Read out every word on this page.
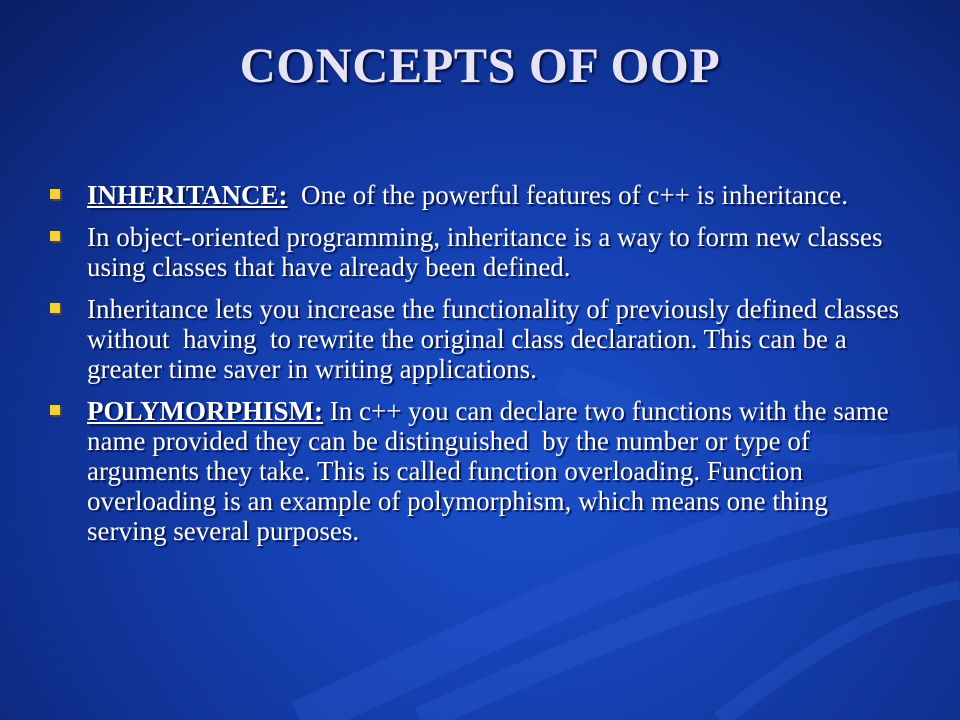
CONCEPTS OF OOP
INHERITANCE:  One of the powerful features of c++ is inheritance.
In object-oriented programming, inheritance is a way to form new classes using classes that have already been defined.
Inheritance lets you increase the functionality of previously defined classes without  having  to rewrite the original class declaration. This can be a greater time saver in writing applications.
POLYMORPHISM: In c++ you can declare two functions with the same name provided they can be distinguished  by the number or type of arguments they take. This is called function overloading. Function overloading is an example of polymorphism, which means one thing serving several purposes.
